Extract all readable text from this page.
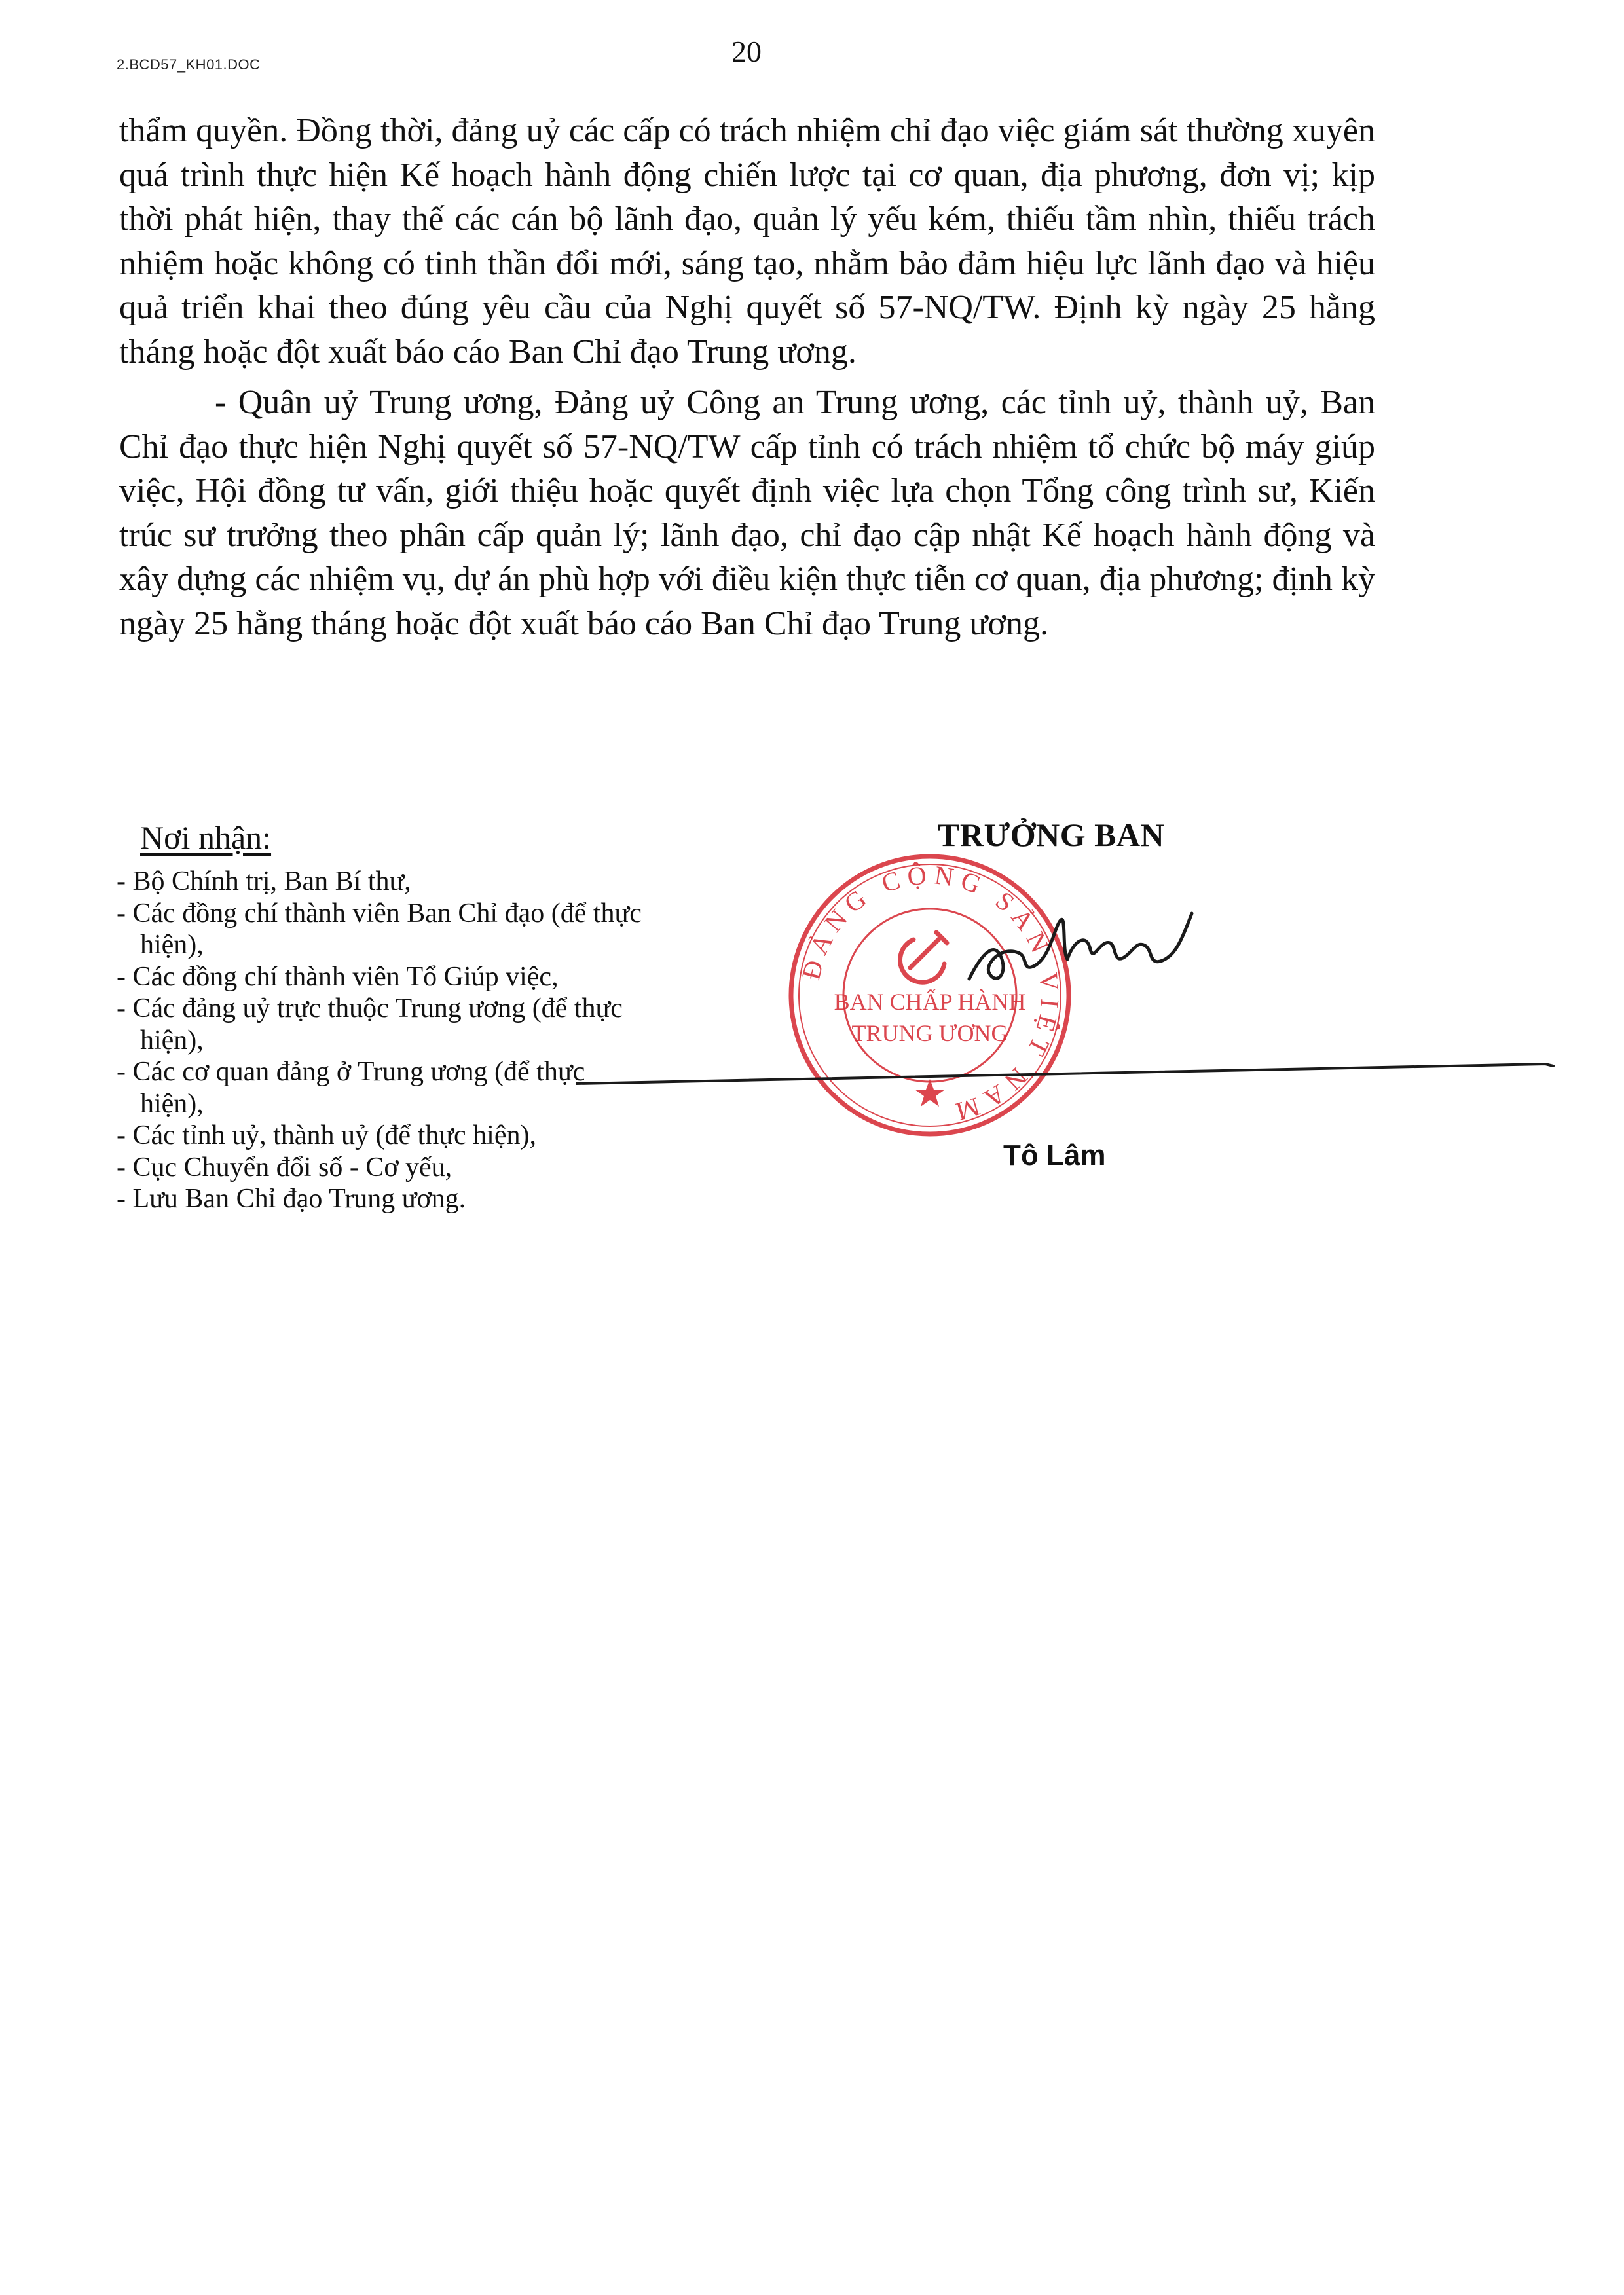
2.BCD57_KH01.DOC	20

thẩm quyền. Đồng thời, đảng uỷ các cấp có trách nhiệm chỉ đạo việc giám sát thường xuyên quá trình thực hiện Kế hoạch hành động chiến lược tại cơ quan, địa phương, đơn vị; kịp thời phát hiện, thay thế các cán bộ lãnh đạo, quản lý yếu kém, thiếu tầm nhìn, thiếu trách nhiệm hoặc không có tinh thần đổi mới, sáng tạo, nhằm bảo đảm hiệu lực lãnh đạo và hiệu quả triển khai theo đúng yêu cầu của Nghị quyết số 57-NQ/TW. Định kỳ ngày 25 hằng tháng hoặc đột xuất báo cáo Ban Chỉ đạo Trung ương.

- Quân uỷ Trung ương, Đảng uỷ Công an Trung ương, các tỉnh uỷ, thành uỷ, Ban Chỉ đạo thực hiện Nghị quyết số 57-NQ/TW cấp tỉnh có trách nhiệm tổ chức bộ máy giúp việc, Hội đồng tư vấn, giới thiệu hoặc quyết định việc lựa chọn Tổng công trình sư, Kiến trúc sư trưởng theo phân cấp quản lý; lãnh đạo, chỉ đạo cập nhật Kế hoạch hành động và xây dựng các nhiệm vụ, dự án phù hợp với điều kiện thực tiễn cơ quan, địa phương; định kỳ ngày 25 hằng tháng hoặc đột xuất báo cáo Ban Chỉ đạo Trung ương.

Nơi nhận:
- Bộ Chính trị, Ban Bí thư,
- Các đồng chí thành viên Ban Chỉ đạo (để thực hiện),
- Các đồng chí thành viên Tổ Giúp việc,
- Các đảng uỷ trực thuộc Trung ương (để thực hiện),
- Các cơ quan đảng ở Trung ương (để thực hiện),
- Các tỉnh uỷ, thành uỷ (để thực hiện),
- Cục Chuyển đổi số - Cơ yếu,
- Lưu Ban Chỉ đạo Trung ương.
ĐẢNG CỘNG SẢN VIỆT NAM
BAN CHẤP HÀNH
TRUNG ƯƠNG
TRƯỞNG BAN
Tô Lâm
